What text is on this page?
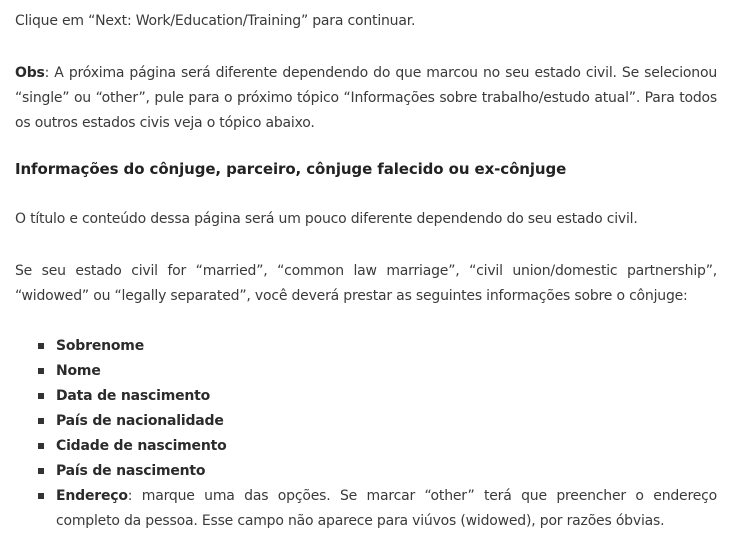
Clique em “Next: Work/Education/Training” para continuar.

Obs: A próxima página será diferente dependendo do que marcou no seu estado civil. Se selecionou “single” ou “other”, pule para o próximo tópico “Informações sobre trabalho/estudo atual”. Para todos os outros estados civis veja o tópico abaixo.

Informações do cônjuge, parceiro, cônjuge falecido ou ex-cônjuge

O título e conteúdo dessa página será um pouco diferente dependendo do seu estado civil.

Se seu estado civil for “married”, “common law marriage”, “civil union/domestic partnership”, “widowed” ou “legally separated”, você deverá prestar as seguintes informações sobre o cônjuge:

Sobrenome
Nome
Data de nascimento
País de nacionalidade
Cidade de nascimento
País de nascimento
Endereço: marque uma das opções. Se marcar “other” terá que preencher o endereço completo da pessoa. Esse campo não aparece para viúvos (widowed), por razões óbvias.
